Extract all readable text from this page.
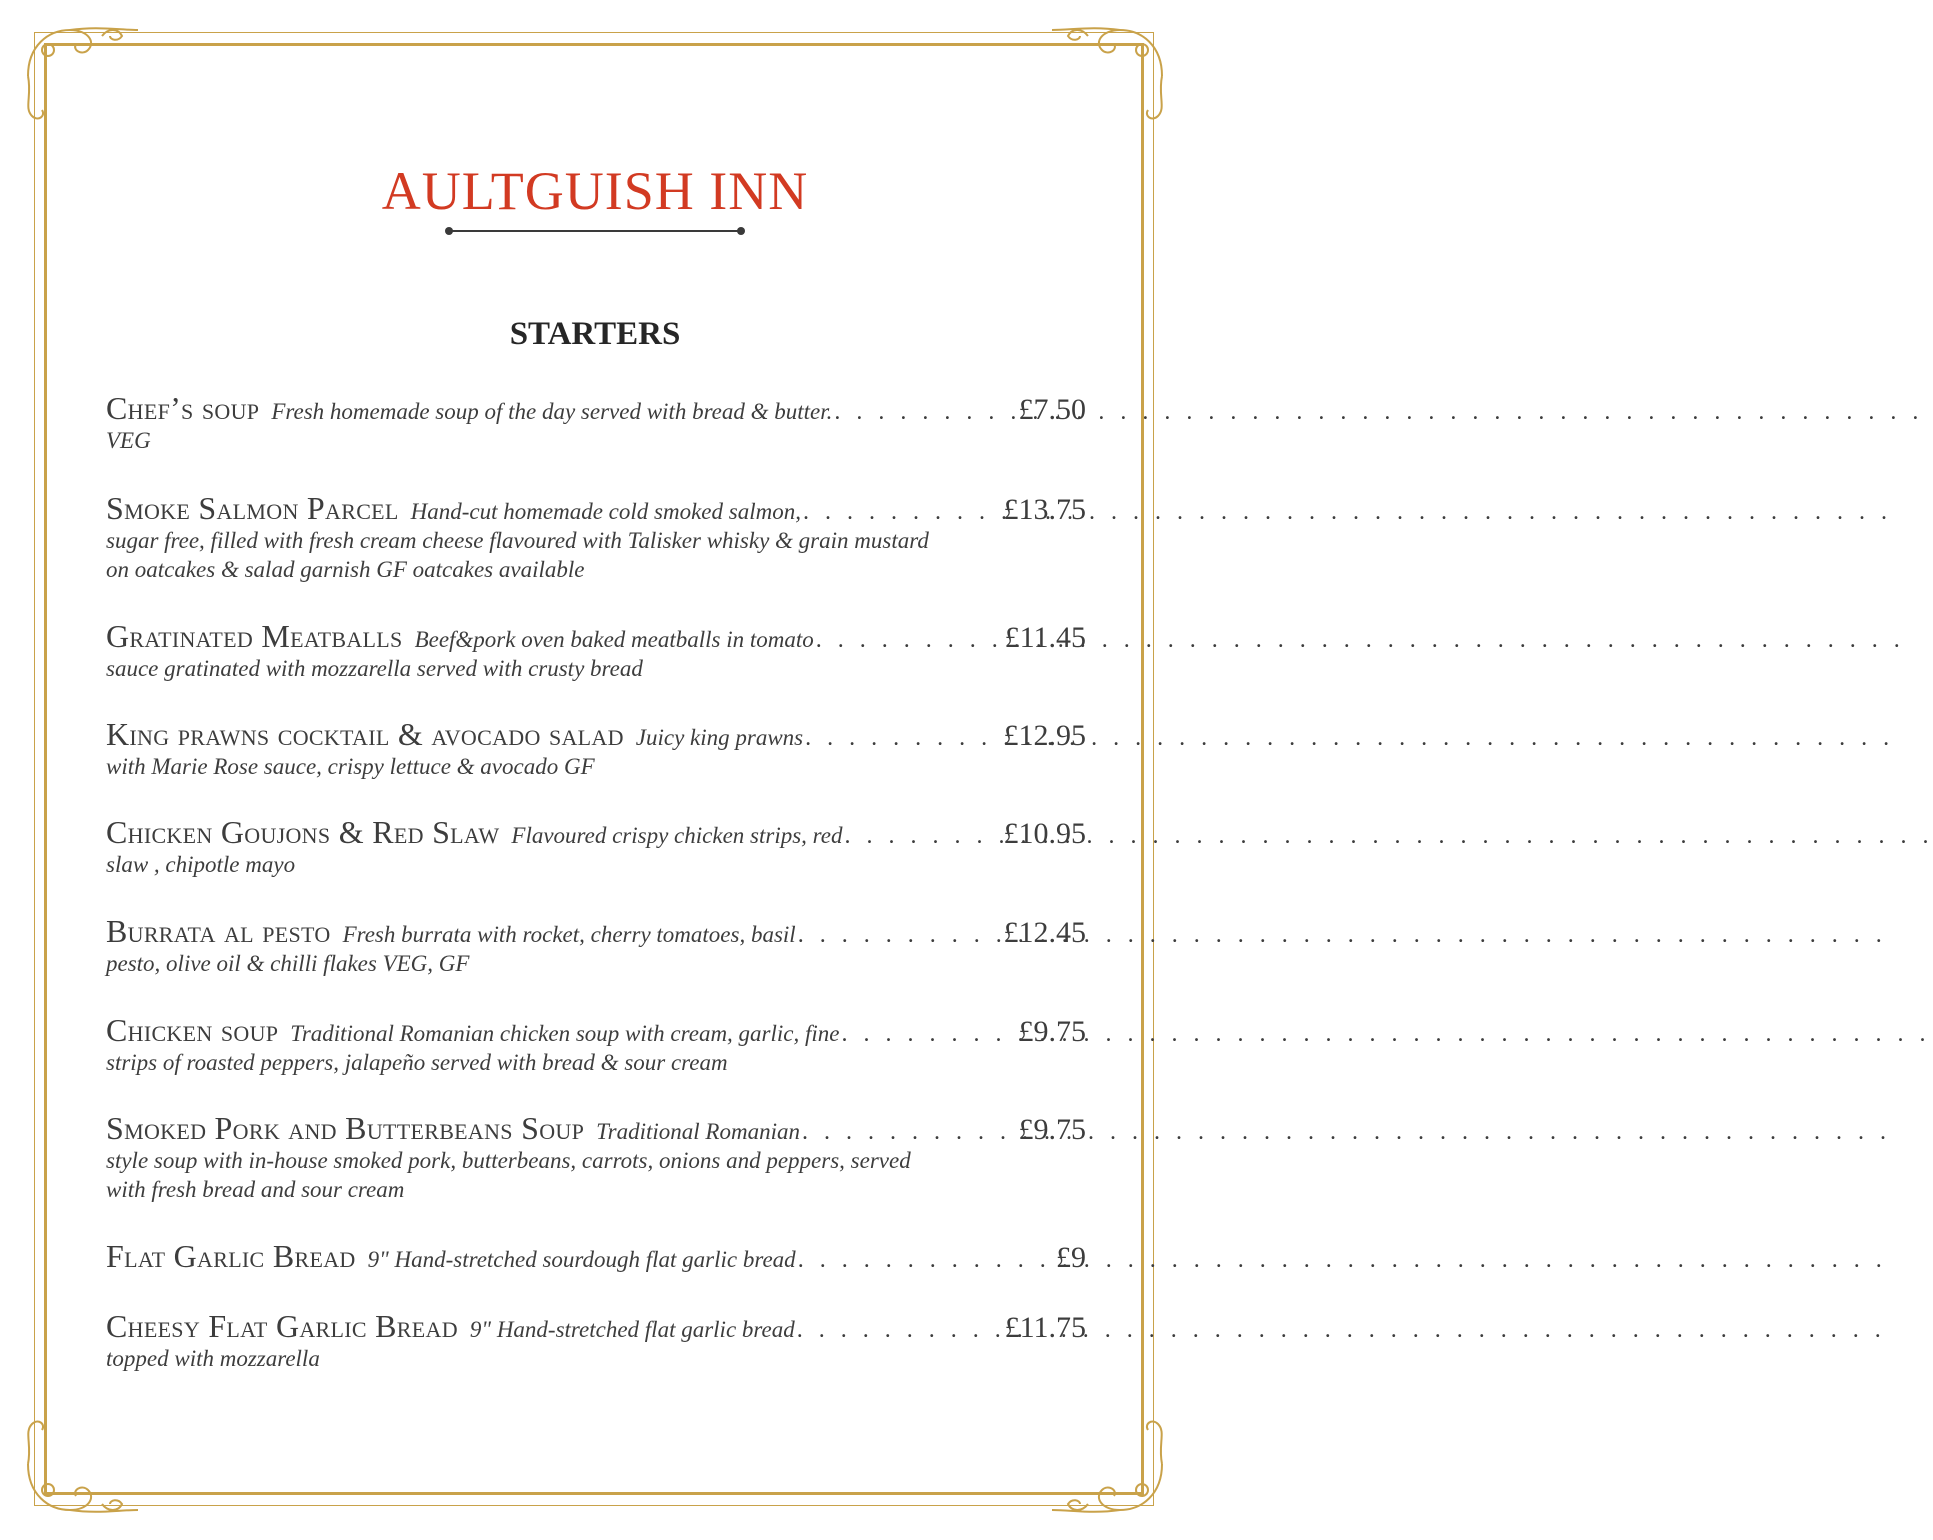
AULTGUISH INN
STARTERS
Chef’s soup Fresh homemade soup of the day served with bread & butter. . . .	£7.50
VEG
Smoke Salmon Parcel Hand-cut homemade cold smoked salmon, . . .	£13.75
sugar free, filled with fresh cream cheese flavoured with Talisker whisky & grain mustard
on oatcakes & salad garnish GF oatcakes available
Gratinated Meatballs Beef&pork oven baked meatballs in tomato . . .	£11.45
sauce gratinated with mozzarella served with crusty bread
King prawns cocktail & avocado salad Juicy king prawns . . .	£12.95
with Marie Rose sauce, crispy lettuce & avocado GF
Chicken Goujons & Red Slaw Flavoured crispy chicken strips, red . . .	£10.95
slaw , chipotle mayo
Burrata al pesto Fresh burrata with rocket, cherry tomatoes, basil . . .	£12.45
pesto, olive oil & chilli flakes VEG, GF
Chicken soup Traditional Romanian chicken soup with cream, garlic, fine . . .	£9.75
strips of roasted peppers, jalapeño served with bread & sour cream
Smoked Pork and Butterbeans Soup Traditional Romanian . . .	£9.75
style soup with in-house smoked pork, butterbeans, carrots, onions and peppers, served
with fresh bread and sour cream
Flat Garlic Bread 9" Hand-stretched sourdough flat garlic bread . . .	£9
Cheesy Flat Garlic Bread 9" Hand-stretched flat garlic bread . . .	£11.75
topped with mozzarella
